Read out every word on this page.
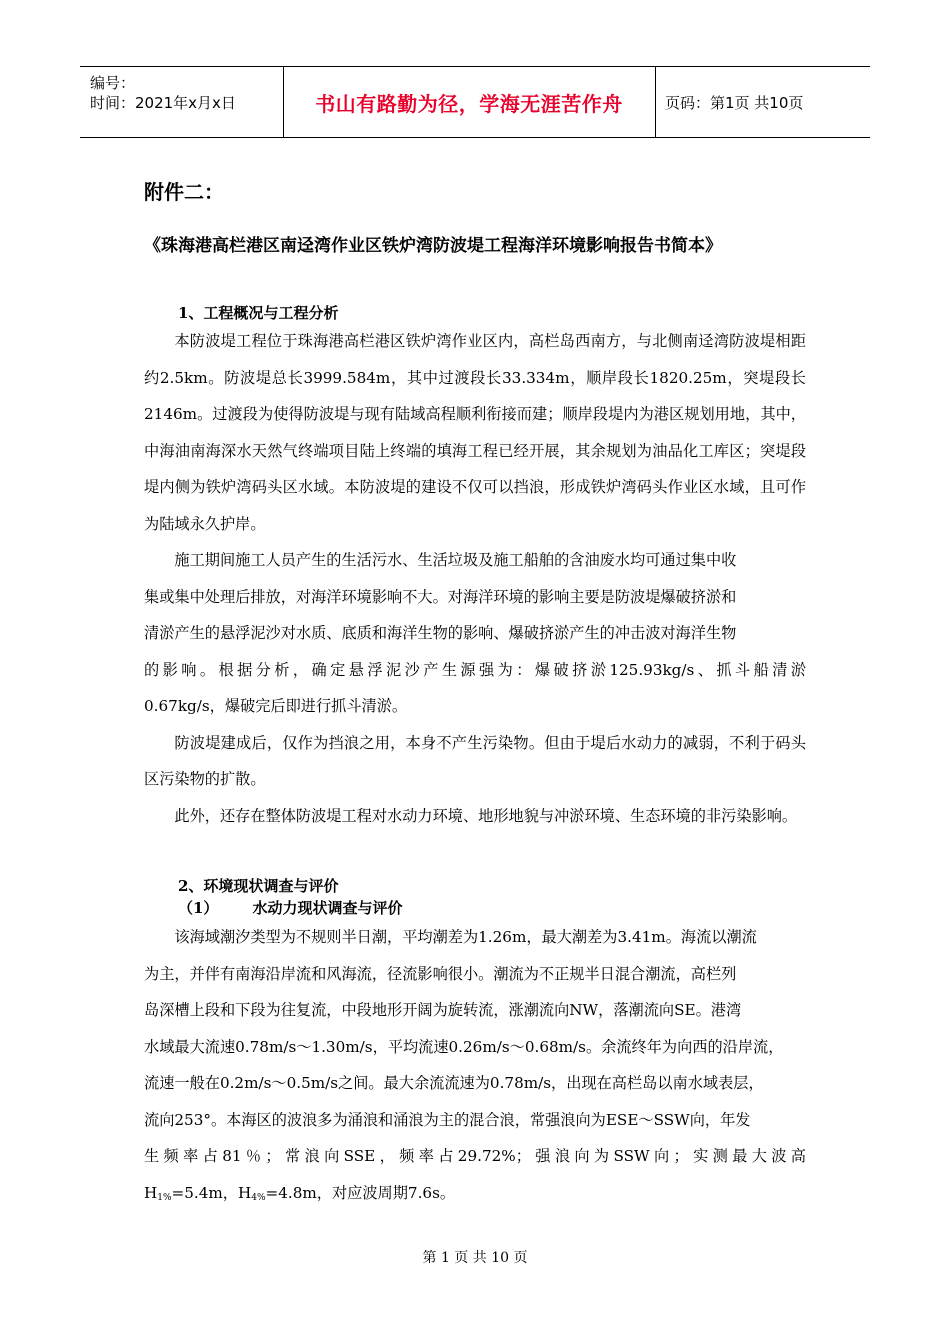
编号：
时间：2021年x月x日	书山有路勤为径，学海无涯苦作舟	页码：第1页 共10页
附件二：
《珠海港高栏港区南迳湾作业区铁炉湾防波堤工程海洋环境影响报告书简本》
1、工程概况与工程分析

本防波堤工程位于珠海港高栏港区铁炉湾作业区内，高栏岛西南方，与北侧南迳湾防波堤相距约2.5km。防波堤总长3999.584m，其中过渡段长33.334m，顺岸段长1820.25m，突堤段长2146m。过渡段为使得防波堤与现有陆域高程顺利衔接而建；顺岸段堤内为港区规划用地，其中，中海油南海深水天然气终端项目陆上终端的填海工程已经开展，其余规划为油品化工库区；突堤段堤内侧为铁炉湾码头区水域。本防波堤的建设不仅可以挡浪，形成铁炉湾码头作业区水域，且可作为陆域永久护岸。

施工期间施工人员产生的生活污水、生活垃圾及施工船舶的含油废水均可通过集中收
集或集中处理后排放，对海洋环境影响不大。对海洋环境的影响主要是防波堤爆破挤淤和
清淤产生的悬浮泥沙对水质、底质和海洋生物的影响、爆破挤淤产生的冲击波对海洋生物
的影响。根据分析，确定悬浮泥沙产生源强为：爆破挤淤125.93kg/s、抓斗船清淤
0.67kg/s，爆破完后即进行抓斗清淤。

防波堤建成后，仅作为挡浪之用，本身不产生污染物。但由于堤后水动力的减弱，不利于码头区污染物的扩散。

此外，还存在整体防波堤工程对水动力环境、地形地貌与冲淤环境、生态环境的非污染影响。

2、环境现状调查与评价
（1） 水动力现状调查与评价
该海域潮汐类型为不规则半日潮，平均潮差为1.26m，最大潮差为3.41m。海流以潮流
为主，并伴有南海沿岸流和风海流，径流影响很小。潮流为不正规半日混合潮流，高栏列
岛深槽上段和下段为往复流，中段地形开阔为旋转流，涨潮流向NW，落潮流向SE。港湾
水域最大流速0.78m/s～1.30m/s，平均流速0.26m/s～0.68m/s。余流终年为向西的沿岸流，
流速一般在0.2m/s～0.5m/s之间。最大余流流速为0.78m/s，出现在高栏岛以南水域表层，
流向253°。本海区的波浪多为涌浪和涌浪为主的混合浪，常强浪向为ESE～SSW向，年发
生频率占81％；常浪向SSE，频率占29.72%；强浪向为SSW向；实测最大波高
$H_{1\%}=5.4m$，$H_{4\%}=4.8m$，对应波周期7.6s。
第 1 页 共 10 页
